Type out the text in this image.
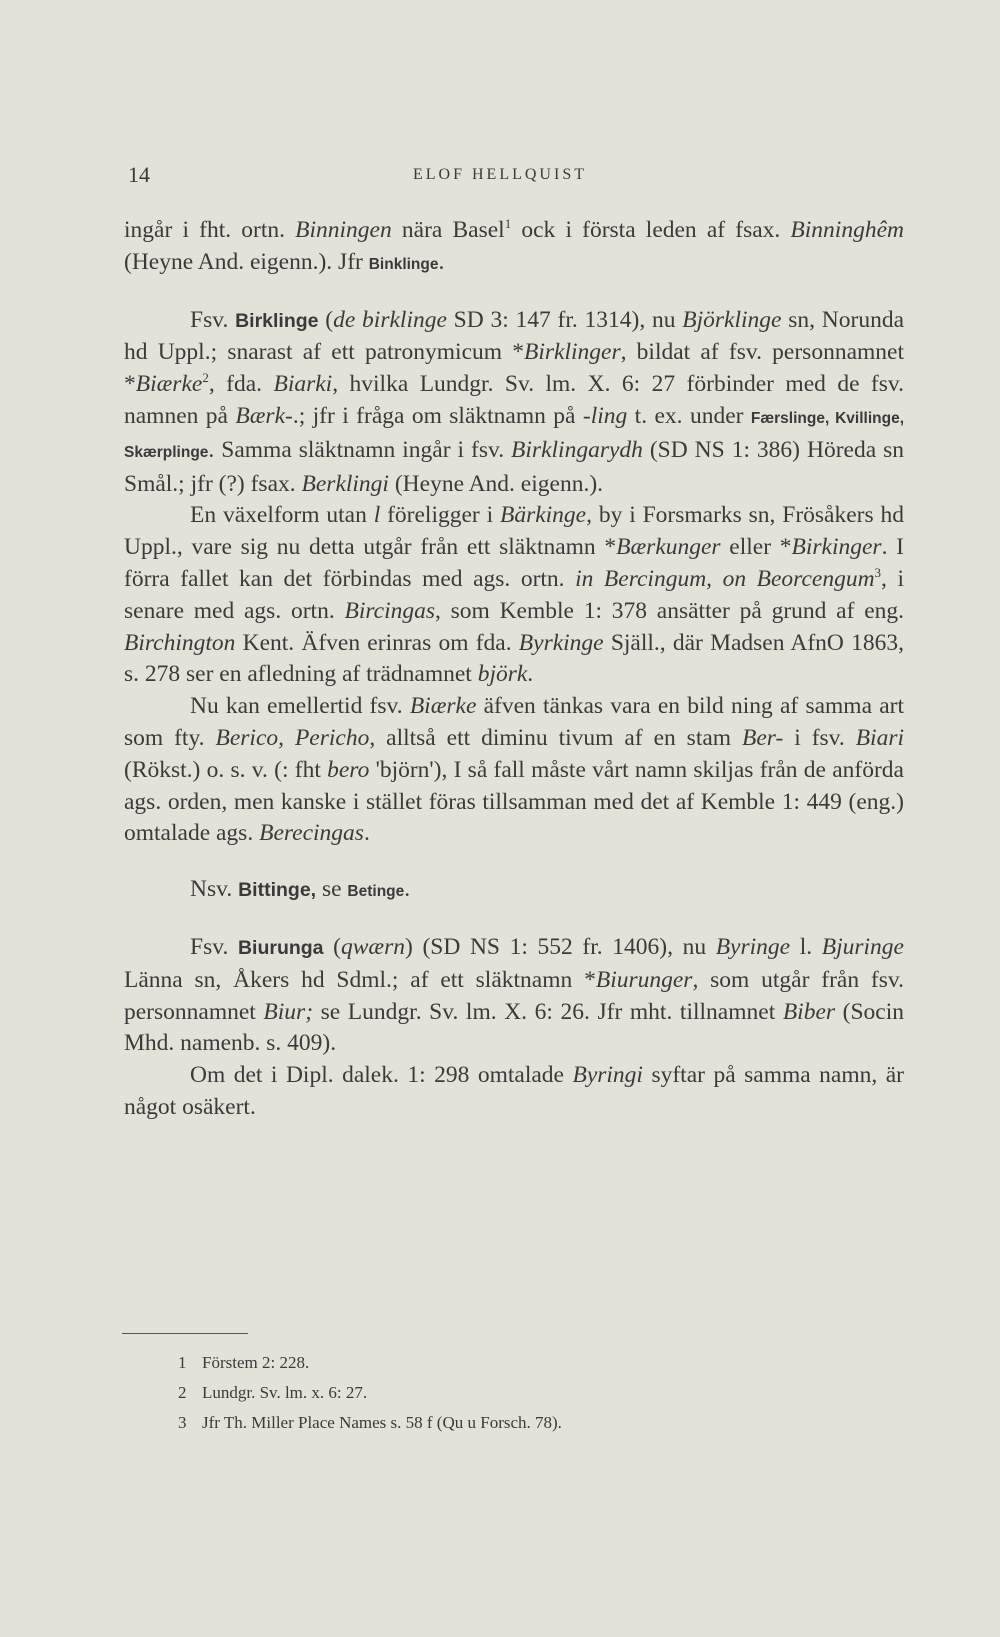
14	ELOF HELLQUIST

ingår i fht. ortn. Binningen nära Basel$^1$ ock i första leden af fsax. Binninghêm (Heyne And. eigenn.). Jfr Binklinge.

Fsv. Birklinge (de birklinge SD 3: 147 fr. 1314), nu Björklinge sn, Norunda hd Uppl.; snarast af ett patronymicum *Birklinger, bildat af fsv. personnamnet *Biærke$^2$, fda. Biarki, hvilka Lundgr. Sv. lm. X. 6: 27 förbinder med de fsv. namnen på Bærk-.; jfr i fråga om släktnamn på -ling t. ex. under Færslinge, Kvillinge, Skærplinge. Samma släktnamn ingår i fsv. Birklingarydh (SD NS 1: 386) Höreda sn Smål.; jfr (?) fsax. Berklingi (Heyne And. eigenn.).

En växelform utan l föreligger i Bärkinge, by i Forsmarks sn, Frösåkers hd Uppl., vare sig nu detta utgår från ett släktnamn *Bærkunger eller *Birkinger. I förra fallet kan det förbindas med ags. ortn. in Bercingum, on Beorcengum$^3$, i senare med ags. ortn. Bircingas, som Kemble 1: 378 ansätter på grund af eng. Birchington Kent. Äfven erinras om fda. Byrkinge Själl., där Madsen AfnO 1863, s. 278 ser en afledning af trädnamnet björk.

Nu kan emellertid fsv. Biærke äfven tänkas vara en bild ning af samma art som fty. Berico, Pericho, alltså ett diminu tivum af en stam Ber- i fsv. Biari (Rökst.) o. s. v. (: fht bero 'björn'), I så fall måste vårt namn skiljas från de anförda ags. orden, men kanske i stället föras tillsamman med det af Kemble 1: 449 (eng.) omtalade ags. Berecingas.

Nsv. Bittinge, se Betinge.

Fsv. Biurunga (qwærn) (SD NS 1: 552 fr. 1406), nu Byringe l. Bjuringe Länna sn, Åkers hd Sdml.; af ett släktnamn *Biurunger, som utgår från fsv. personnamnet Biur; se Lundgr. Sv. lm. X. 6: 26. Jfr mht. tillnamnet Biber (Socin Mhd. namenb. s. 409).

Om det i Dipl. dalek. 1: 298 omtalade Byringi syftar på samma namn, är något osäkert.

1 Förstem 2: 228.
2 Lundgr. Sv. lm. x. 6: 27.
3 Jfr Th. Miller Place Names s. 58 f (Qu u Forsch. 78).
